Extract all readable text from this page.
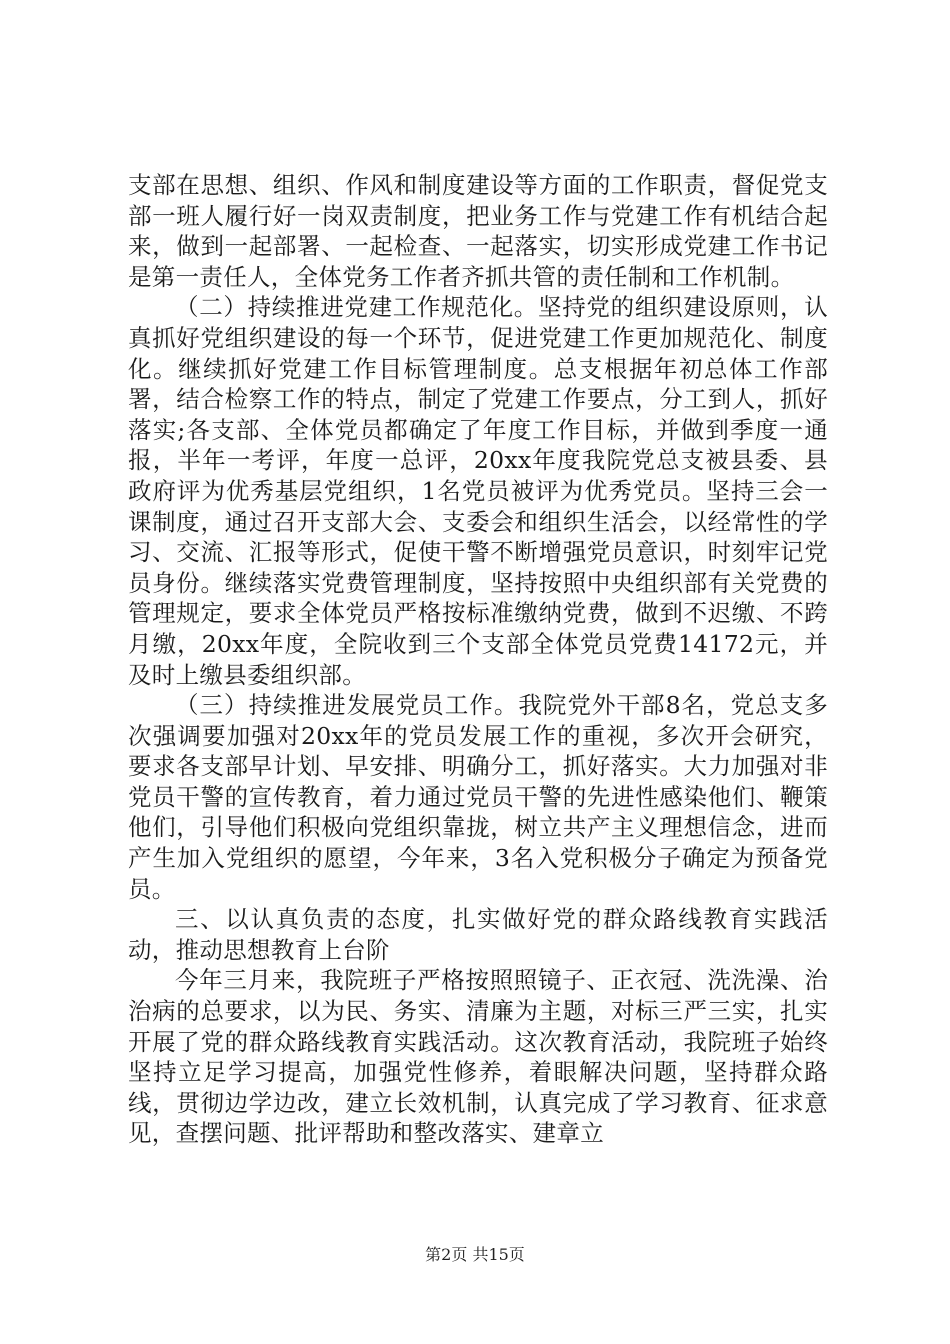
支部在思想、组织、作风和制度建设等方面的工作职责，督促党支部一班人履行好一岗双责制度，把业务工作与党建工作有机结合起来，做到一起部署、一起检查、一起落实，切实形成党建工作书记是第一责任人，全体党务工作者齐抓共管的责任制和工作机制。

（二）持续推进党建工作规范化。坚持党的组织建设原则，认真抓好党组织建设的每一个环节，促进党建工作更加规范化、制度化。继续抓好党建工作目标管理制度。总支根据年初总体工作部署，结合检察工作的特点，制定了党建工作要点，分工到人，抓好落实;各支部、全体党员都确定了年度工作目标，并做到季度一通报，半年一考评，年度一总评，20xx年度我院党总支被县委、县政府评为优秀基层党组织，1名党员被评为优秀党员。坚持三会一课制度，通过召开支部大会、支委会和组织生活会，以经常性的学习、交流、汇报等形式，促使干警不断增强党员意识，时刻牢记党员身份。继续落实党费管理制度，坚持按照中央组织部有关党费的管理规定，要求全体党员严格按标准缴纳党费，做到不迟缴、不跨月缴，20xx年度，全院收到三个支部全体党员党费14172元，并及时上缴县委组织部。

（三）持续推进发展党员工作。我院党外干部8名，党总支多次强调要加强对20xx年的党员发展工作的重视，多次开会研究，要求各支部早计划、早安排、明确分工，抓好落实。大力加强对非党员干警的宣传教育，着力通过党员干警的先进性感染他们、鞭策他们，引导他们积极向党组织靠拢，树立共产主义理想信念，进而产生加入党组织的愿望，今年来，3名入党积极分子确定为预备党员。

三、以认真负责的态度，扎实做好党的群众路线教育实践活动，推动思想教育上台阶

今年三月来，我院班子严格按照照镜子、正衣冠、洗洗澡、治治病的总要求，以为民、务实、清廉为主题，对标三严三实，扎实开展了党的群众路线教育实践活动。这次教育活动，我院班子始终坚持立足学习提高，加强党性修养，着眼解决问题，坚持群众路线，贯彻边学边改，建立长效机制，认真完成了学习教育、征求意见，查摆问题、批评帮助和整改落实、建章立

第2页 共15页
